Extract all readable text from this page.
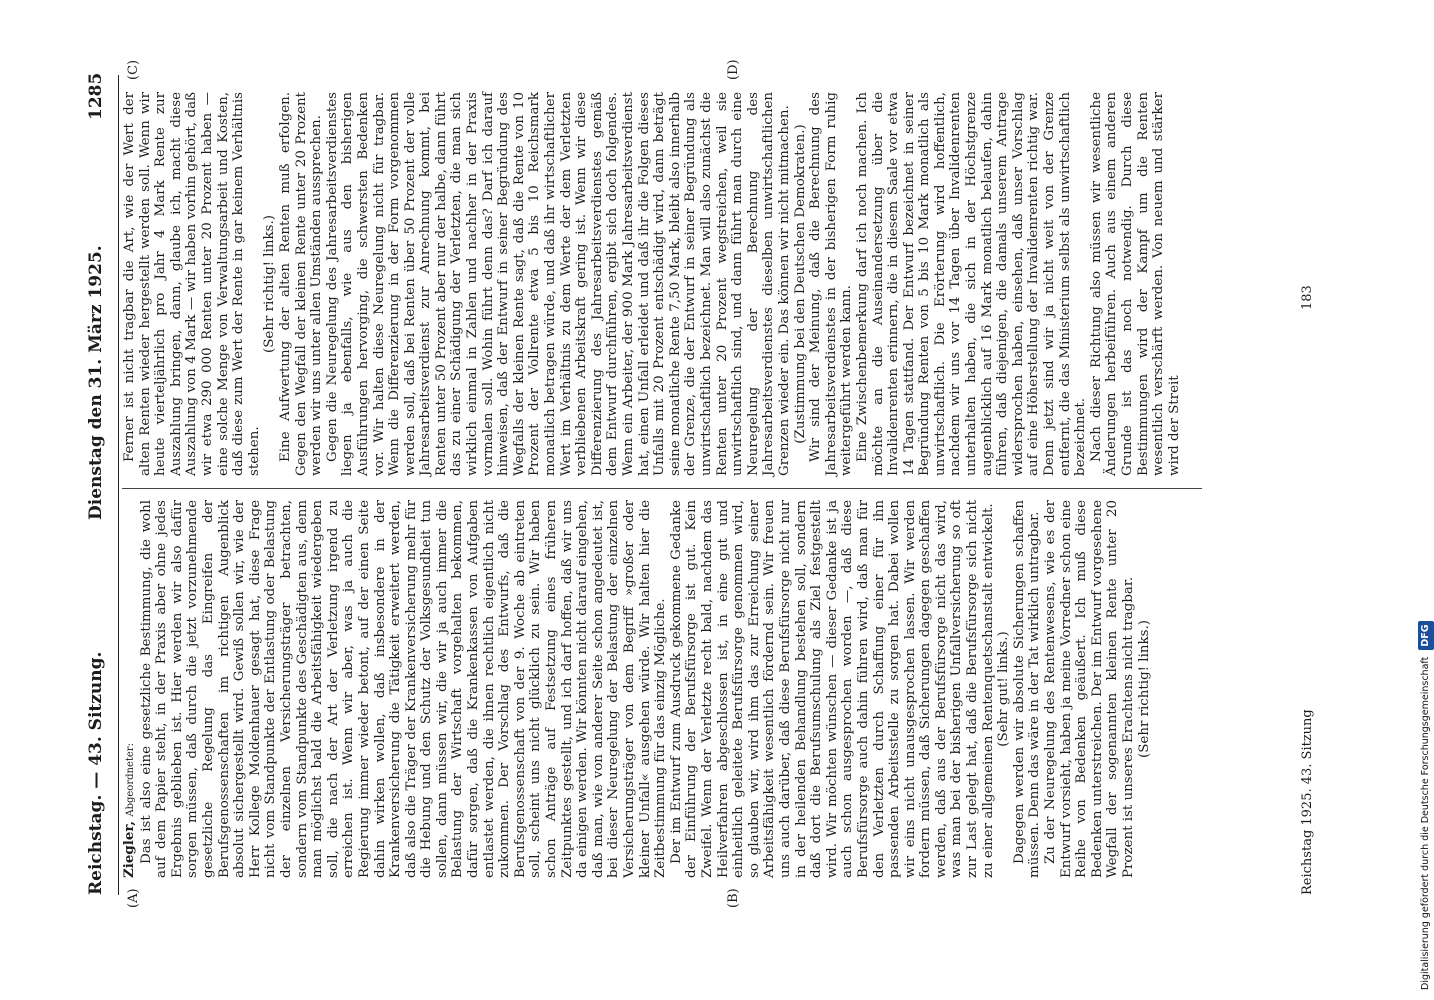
Reichstag. — 43. Sitzung.
Dienstag den 31. März 1925.
1285
(A)	(B)
(C)	(D)

Ziegler, Abgeordneter: Das ist also eine gesetzliche Bestimmung, die wohl auf dem Papier steht, in der Praxis aber ohne jedes Ergebnis geblieben ist. Hier werden wir also dafür sorgen müssen, daß durch die jetzt vorzunehmende gesetzliche Regelung das Eingreifen der Berufsgenossenschaften im richtigen Augenblick absolut sichergestellt wird. Gewiß sollen wir, wie der Herr Kollege Moldenhauer gesagt hat, diese Frage nicht vom Standpunkte der Entlastung oder Belastung der einzelnen Versicherungsträger betrachten, sondern vom Standpunkte des Geschädigten aus, denn man möglichst bald die Arbeitsfähigkeit wiedergeben soll, die nach der Art der Verletzung irgend zu erreichen ist. Wenn wir aber, was ja auch die Regierung immer wieder betont, auf der einen Seite dahin wirken wollen, daß insbesondere in der Krankenversicherung die Tätigkeit erweitert werden, daß also die Träger der Krankenversicherung mehr für die Hebung und den Schutz der Volksgesundheit tun sollen, dann müssen wir, die wir ja auch immer die Belastung der Wirtschaft vorgehalten bekommen, dafür sorgen, daß die Krankenkassen von Aufgaben entlastet werden, die ihnen rechtlich eigentlich nicht zukommen. Der Vorschlag des Entwurfs, daß die Berufsgenossenschaft von der 9. Woche ab eintreten soll, scheint uns nicht glücklich zu sein. Wir haben schon Anträge auf Festsetzung eines früheren Zeitpunktes gestellt, und ich darf hoffen, daß wir uns da einigen werden. Wir könnten nicht darauf eingehen, daß man, wie von anderer Seite schon angedeutet ist, bei dieser Neuregelung der Belastung der einzelnen Versicherungsträger von dem Begriff »großer oder kleiner Unfall« ausgehen würde. Wir halten hier die Zeitbestimmung für das einzig Mögliche. Der im Entwurf zum Ausdruck gekommene Gedanke der Einführung der Berufsfürsorge ist gut. Kein Zweifel. Wenn der Verletzte recht bald, nachdem das Heilverfahren abgeschlossen ist, in eine gut und einheitlich geleitete Berufsfürsorge genommen wird, so glauben wir, wird ihm das zur Erreichung seiner Arbeitsfähigkeit wesentlich fördernd sein. Wir freuen uns auch darüber, daß diese Berufsfürsorge nicht nur in der heilenden Behandlung bestehen soll, sondern daß dort die Berufsumschulung als Ziel festgestellt wird. Wir möchten wünschen — dieser Gedanke ist ja auch schon ausgesprochen worden —, daß diese Berufsfürsorge auch dahin führen wird, daß man für den Verletzten durch Schaffung einer für ihn passenden Arbeitsstelle zu sorgen hat. Dabei wollen wir eins nicht unausgesprochen lassen. Wir werden fordern müssen, daß Sicherungen dagegen geschaffen werden, daß aus der Berufsfürsorge nicht das wird, was man bei der bisherigen Unfallversicherung so oft zur Last gelegt hat, daß die Berufsfürsorge sich nicht zu einer allgemeinen Rentenquetschanstalt entwickelt. (Sehr gut! links.) Dagegen werden wir absolute Sicherungen schaffen müssen. Denn das wäre in der Tat wirklich untragbar. Zu der Neuregelung des Rentenwesens, wie es der Entwurf vorsieht, haben ja meine Vorredner schon eine Reihe von Bedenken geäußert. Ich muß diese Bedenken unterstreichen. Der im Entwurf vorgesehene Wegfall der sogenannten kleinen Rente unter 20 Prozent ist unseres Erachtens nicht tragbar. (Sehr richtig! links.)

Ferner ist nicht tragbar die Art, wie der Wert der alten Renten wieder hergestellt werden soll. Wenn wir heute vierteljährlich pro Jahr 4 Mark Rente zur Auszahlung bringen, dann, glaube ich, macht diese Auszahlung von 4 Mark — wir haben vorhin gehört, daß wir etwa 290 000 Renten unter 20 Prozent haben — eine solche Menge von Verwaltungsarbeit und Kosten, daß diese zum Wert der Rente in gar keinem Verhältnis stehen.

(Sehr richtig! links.) Eine Aufwertung der alten Renten muß erfolgen. Gegen den Wegfall der kleinen Rente unter 20 Prozent werden wir uns unter allen Umständen aussprechen. Gegen die Neuregelung des Jahresarbeitsverdienstes liegen ja ebenfalls, wie aus den bisherigen Ausführungen hervorging, die schwersten Bedenken vor. Wir halten diese Neuregelung nicht für tragbar. Wenn die Differenzierung in der Form vorgenommen werden soll, daß bei Renten über 50 Prozent der volle Jahresarbeitsverdienst zur Anrechnung kommt, bei Renten unter 50 Prozent aber nur der halbe, dann führt das zu einer Schädigung der Verletzten, die man sich wirklich einmal in Zahlen und nachher in der Praxis vormalen soll. Wohin führt denn das? Darf ich darauf hinweisen, daß der Entwurf in seiner Begründung des Wegfalls der kleinen Rente sagt, daß die Rente von 10 Prozent der Vollrente etwa 5 bis 10 Reichsmark monatlich betragen würde, und daß ihr wirtschaftlicher Wert im Verhältnis zu dem Werte der dem Verletzten verbliebenen Arbeitskraft gering ist. Wenn wir diese Differenzierung des Jahresarbeitsverdienstes gemäß dem Entwurf durchführen, ergibt sich doch folgendes. Wenn ein Arbeiter, der 900 Mark Jahresarbeitsverdienst hat, einen Unfall erleidet und daß ihr die Folgen dieses Unfalls mit 20 Prozent entschädigt wird, dann beträgt seine monatliche Rente 7,50 Mark, bleibt also innerhalb der Grenze, die der Entwurf in seiner Begründung als unwirtschaftlich bezeichnet. Man will also zunächst die Renten unter 20 Prozent wegstreichen, weil sie unwirtschaftlich sind, und dann führt man durch eine Neuregelung der Berechnung des Jahresarbeitsverdienstes dieselben unwirtschaftlichen Grenzen wieder ein. Das können wir nicht mitmachen. (Zustimmung bei den Deutschen Demokraten.) Wir sind der Meinung, daß die Berechnung des Jahresarbeitsverdienstes in der bisherigen Form ruhig weitergeführt werden kann. Eine Zwischenbemerkung darf ich noch machen. Ich möchte an die Auseinandersetzung über die Invalidenrenten erinnern, die in diesem Saale vor etwa 14 Tagen stattfand. Der Entwurf bezeichnet in seiner Begründung Renten von 5 bis 10 Mark monatlich als unwirtschaftlich. Die Erörterung wird hoffentlich, nachdem wir uns vor 14 Tagen über Invalidenrenten unterhalten haben, die sich in der Höchstgrenze augenblicklich auf 16 Mark monatlich belaufen, dahin führen, daß diejenigen, die damals unserem Antrage widersprochen haben, einsehen, daß unser Vorschlag auf eine Höherstellung der Invalidenrenten richtig war. Denn jetzt sind wir ja nicht weit von der Grenze entfernt, die das Ministerium selbst als unwirtschaftlich bezeichnet. Nach dieser Richtung also müssen wir wesentliche Änderungen herbeiführen. Auch aus einem anderen Grunde ist das noch notwendig. Durch diese Bestimmungen wird der Kampf um die Renten wesentlich verschärft werden. Von neuem und stärker wird der Streit

Reichstag 1925. 43. Sitzung
183
Digitalisierung gefördert durch die Deutsche Forschungsgemeinschaft DFG
